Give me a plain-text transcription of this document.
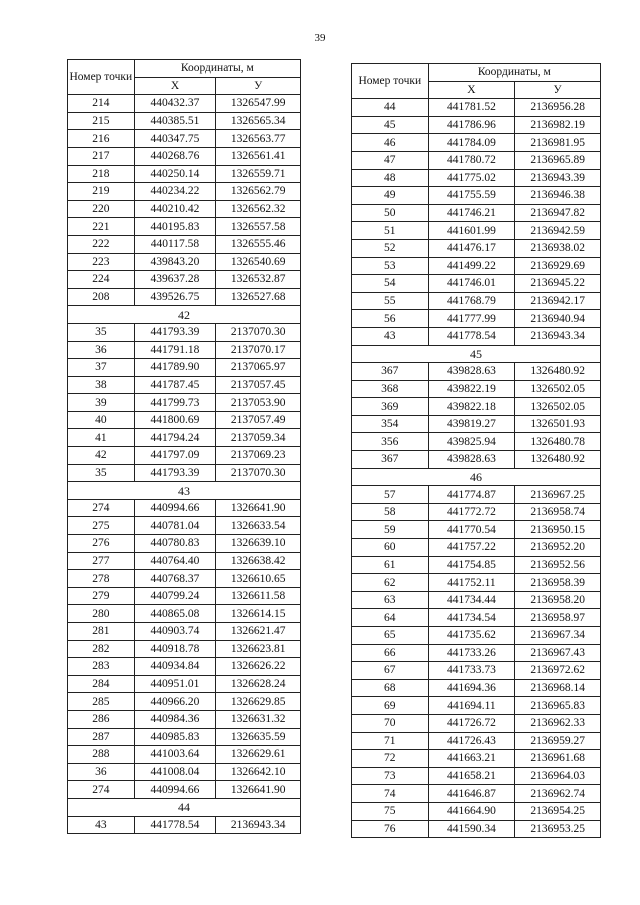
39
Номер точки	Координаты, м	
	X	У
214	440432.37	1326547.99
215	440385.51	1326565.34
216	440347.75	1326563.77
217	440268.76	1326561.41
218	440250.14	1326559.71
219	440234.22	1326562.79
220	440210.42	1326562.32
221	440195.83	1326557.58
222	440117.58	1326555.46
223	439843.20	1326540.69
224	439637.28	1326532.87
208	439526.75	1326527.68
42		
35	441793.39	2137070.30
36	441791.18	2137070.17
37	441789.90	2137065.97
38	441787.45	2137057.45
39	441799.73	2137053.90
40	441800.69	2137057.49
41	441794.24	2137059.34
42	441797.09	2137069.23
35	441793.39	2137070.30
43		
274	440994.66	1326641.90
275	440781.04	1326633.54
276	440780.83	1326639.10
277	440764.40	1326638.42
278	440768.37	1326610.65
279	440799.24	1326611.58
280	440865.08	1326614.15
281	440903.74	1326621.47
282	440918.78	1326623.81
283	440934.84	1326626.22
284	440951.01	1326628.24
285	440966.20	1326629.85
286	440984.36	1326631.32
287	440985.83	1326635.59
288	441003.64	1326629.61
36	441008.04	1326642.10
274	440994.66	1326641.90
44		
43	441778.54	2136943.34
Номер точки	Координаты, м	
	X	У
44	441781.52	2136956.28
45	441786.96	2136982.19
46	441784.09	2136981.95
47	441780.72	2136965.89
48	441775.02	2136943.39
49	441755.59	2136946.38
50	441746.21	2136947.82
51	441601.99	2136942.59
52	441476.17	2136938.02
53	441499.22	2136929.69
54	441746.01	2136945.22
55	441768.79	2136942.17
56	441777.99	2136940.94
43	441778.54	2136943.34
45		
367	439828.63	1326480.92
368	439822.19	1326502.05
369	439822.18	1326502.05
354	439819.27	1326501.93
356	439825.94	1326480.78
367	439828.63	1326480.92
46		
57	441774.87	2136967.25
58	441772.72	2136958.74
59	441770.54	2136950.15
60	441757.22	2136952.20
61	441754.85	2136952.56
62	441752.11	2136958.39
63	441734.44	2136958.20
64	441734.54	2136958.97
65	441735.62	2136967.34
66	441733.26	2136967.43
67	441733.73	2136972.62
68	441694.36	2136968.14
69	441694.11	2136965.83
70	441726.72	2136962.33
71	441726.43	2136959.27
72	441663.21	2136961.68
73	441658.21	2136964.03
74	441646.87	2136962.74
75	441664.90	2136954.25
76	441590.34	2136953.25
